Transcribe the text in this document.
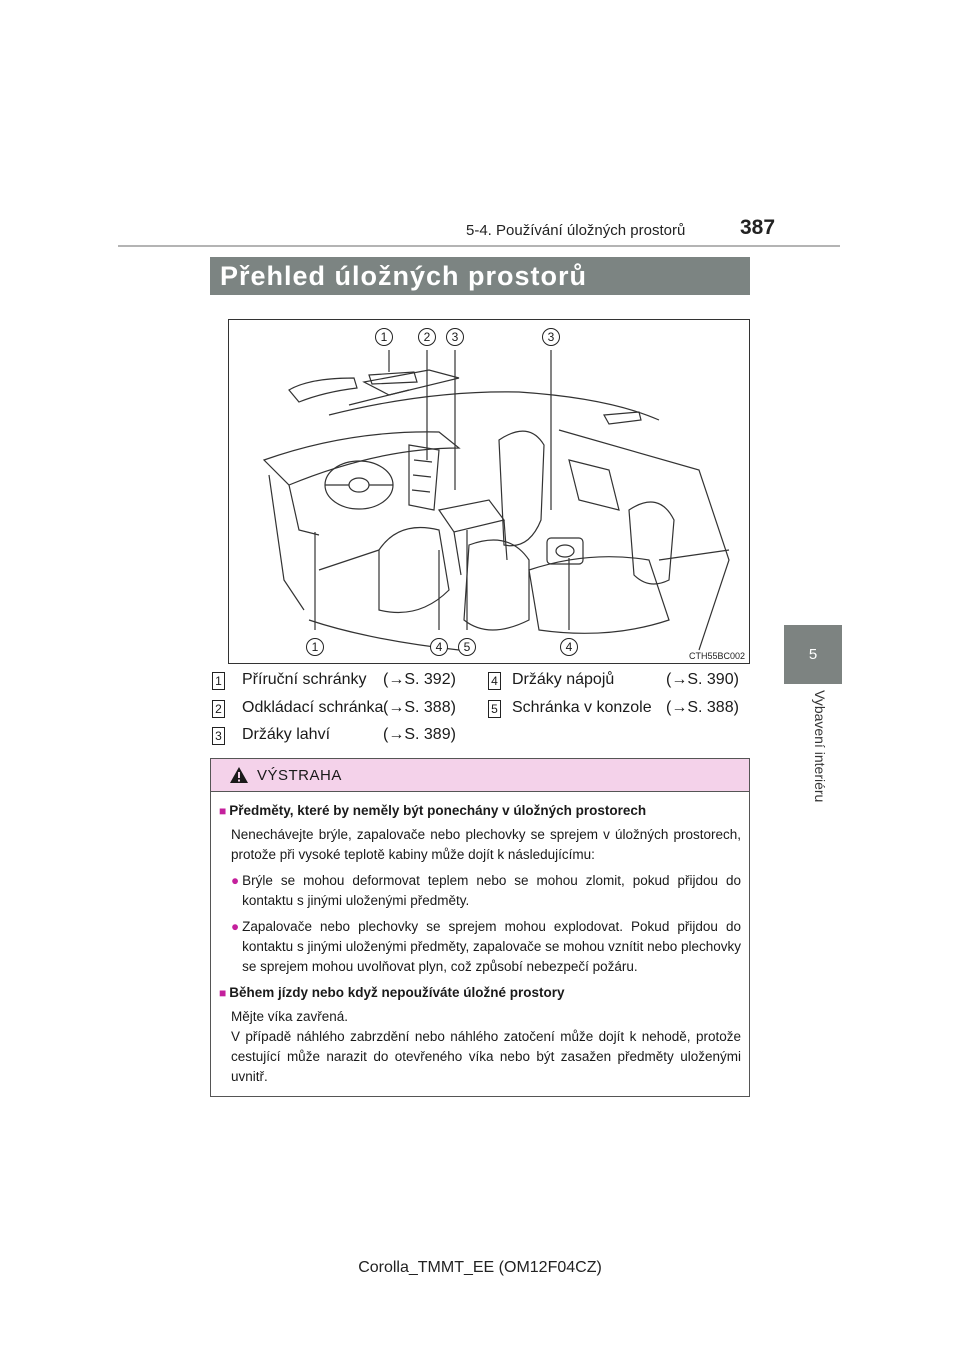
5-4. Používání úložných prostorů	387
5
Vybavení interiéru
Přehled úložných prostorů
1	2	3	3
1	4	5	4
CTH55BC002
1 Příruční schránky (→S. 392)
2 Odkládací schránka (→S. 388)
3 Držáky lahví	(→S. 389)
4 Držáky nápojů	(→S. 390)
5 Schránka v konzole (→S. 388)
VÝSTRAHA
■ Předměty, které by neměly být ponechány v úložných prostorech
Nenechávejte brýle, zapalovače nebo plechovky se sprejem v úložných prostorech, protože při vysoké teplotě kabiny může dojít k následujícímu:
● Brýle se mohou deformovat teplem nebo se mohou zlomit, pokud přijdou do kontaktu s jinými uloženými předměty.
● Zapalovače nebo plechovky se sprejem mohou explodovat. Pokud přijdou do kontaktu s jinými uloženými předměty, zapalovače se mohou vznítit nebo plechovky se sprejem mohou uvolňovat plyn, což způsobí nebezpečí požáru.
■ Během jízdy nebo když nepoužíváte úložné prostory
Mějte víka zavřená.
V případě náhlého zabrzdění nebo náhlého zatočení může dojít k nehodě, protože cestující může narazit do otevřeného víka nebo být zasažen předměty uloženými uvnitř.
Corolla_TMMT_EE (OM12F04CZ)
